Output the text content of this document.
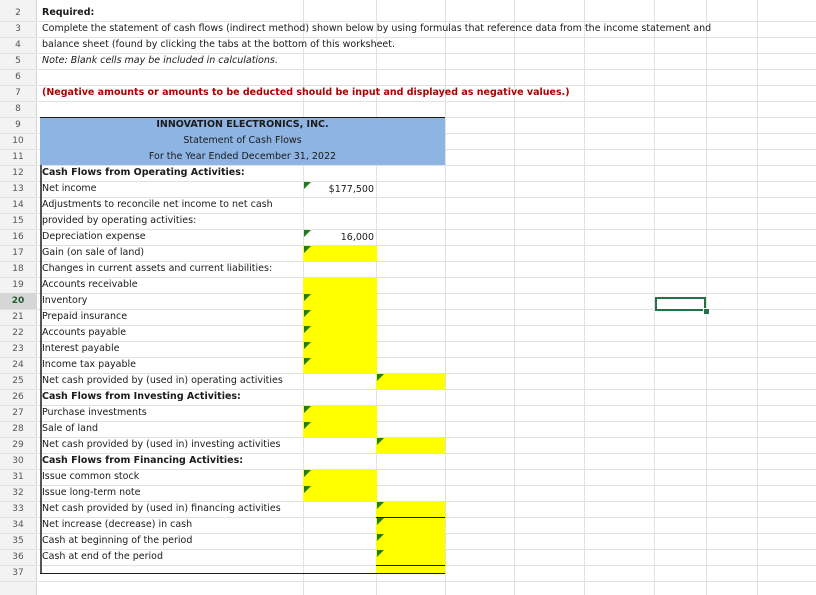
2
3
4
5
6
7
8
9
10
11
12
13
14
15
16
17
18
19
20
21
22
23
24
25
26
27
28
29
30
31
32
33
34
35
36
37
Required:
Complete the statement of cash flows (indirect method) shown below by using formulas that reference data from the income statement and
balance sheet (found by clicking the tabs at the bottom of this worksheet.
Note: Blank cells may be included in calculations.
(Negative amounts or amounts to be deducted should be input and displayed as negative values.)
INNOVATION ELECTRONICS, INC.
Statement of Cash Flows
For the Year Ended December 31, 2022
Cash Flows from Operating Activities:
Net income
Adjustments to reconcile net income to net cash
provided by operating activities:
Depreciation expense
Gain (on sale of land)
Changes in current assets and current liabilities:
Accounts receivable
Inventory
Prepaid insurance
Accounts payable
Interest payable
Income tax payable
Net cash provided by (used in) operating activities
Cash Flows from Investing Activities:
Purchase investments
Sale of land
Net cash provided by (used in) investing activities
Cash Flows from Financing Activities:
Issue common stock
Issue long-term note
Net cash provided by (used in) financing activities
Net increase (decrease) in cash
Cash at beginning of the period
Cash at end of the period
$177,500
16,000
